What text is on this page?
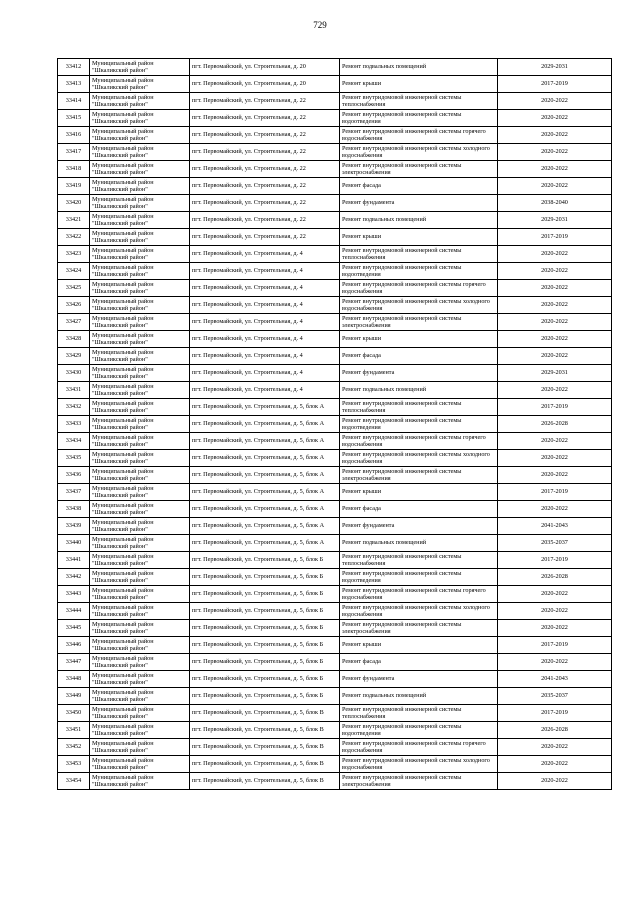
729
33412	Муниципальный район "Шкаликский район"	пгт. Первомайский, ул. Строительная, д. 20	Ремонт подвальных помещений	2029-2031
33413	Муниципальный район "Шкаликский район"	пгт. Первомайский, ул. Строительная, д. 20	Ремонт крыши	2017-2019
33414	Муниципальный район "Шкаликский район"	пгт. Первомайский, ул. Строительная, д. 22	Ремонт внутридомовой инженерной системы теплоснабжения	2020-2022
33415	Муниципальный район "Шкаликский район"	пгт. Первомайский, ул. Строительная, д. 22	Ремонт внутридомовой инженерной системы водоотведения	2020-2022
33416	Муниципальный район "Шкаликский район"	пгт. Первомайский, ул. Строительная, д. 22	Ремонт внутридомовой инженерной системы горячего водоснабжения	2020-2022
33417	Муниципальный район "Шкаликский район"	пгт. Первомайский, ул. Строительная, д. 22	Ремонт внутридомовой инженерной системы холодного водоснабжения	2020-2022
33418	Муниципальный район "Шкаликский район"	пгт. Первомайский, ул. Строительная, д. 22	Ремонт внутридомовой инженерной системы электроснабжения	2020-2022
33419	Муниципальный район "Шкаликский район"	пгт. Первомайский, ул. Строительная, д. 22	Ремонт фасада	2020-2022
33420	Муниципальный район "Шкаликский район"	пгт. Первомайский, ул. Строительная, д. 22	Ремонт фундамента	2038-2040
33421	Муниципальный район "Шкаликский район"	пгт. Первомайский, ул. Строительная, д. 22	Ремонт подвальных помещений	2029-2031
33422	Муниципальный район "Шкаликский район"	пгт. Первомайский, ул. Строительная, д. 22	Ремонт крыши	2017-2019
33423	Муниципальный район "Шкаликский район"	пгт. Первомайский, ул. Строительная, д. 4	Ремонт внутридомовой инженерной системы теплоснабжения	2020-2022
33424	Муниципальный район "Шкаликский район"	пгт. Первомайский, ул. Строительная, д. 4	Ремонт внутридомовой инженерной системы водоотведения	2020-2022
33425	Муниципальный район "Шкаликский район"	пгт. Первомайский, ул. Строительная, д. 4	Ремонт внутридомовой инженерной системы горячего водоснабжения	2020-2022
33426	Муниципальный район "Шкаликский район"	пгт. Первомайский, ул. Строительная, д. 4	Ремонт внутридомовой инженерной системы холодного водоснабжения	2020-2022
33427	Муниципальный район "Шкаликский район"	пгт. Первомайский, ул. Строительная, д. 4	Ремонт внутридомовой инженерной системы электроснабжения	2020-2022
33428	Муниципальный район "Шкаликский район"	пгт. Первомайский, ул. Строительная, д. 4	Ремонт крыши	2020-2022
33429	Муниципальный район "Шкаликский район"	пгт. Первомайский, ул. Строительная, д. 4	Ремонт фасада	2020-2022
33430	Муниципальный район "Шкаликский район"	пгт. Первомайский, ул. Строительная, д. 4	Ремонт фундамента	2029-2031
33431	Муниципальный район "Шкаликский район"	пгт. Первомайский, ул. Строительная, д. 4	Ремонт подвальных помещений	2020-2022
33432	Муниципальный район "Шкаликский район"	пгт. Первомайский, ул. Строительная, д. 5, блок А	Ремонт внутридомовой инженерной системы теплоснабжения	2017-2019
33433	Муниципальный район "Шкаликский район"	пгт. Первомайский, ул. Строительная, д. 5, блок А	Ремонт внутридомовой инженерной системы водоотведения	2026-2028
33434	Муниципальный район "Шкаликский район"	пгт. Первомайский, ул. Строительная, д. 5, блок А	Ремонт внутридомовой инженерной системы горячего водоснабжения	2020-2022
33435	Муниципальный район "Шкаликский район"	пгт. Первомайский, ул. Строительная, д. 5, блок А	Ремонт внутридомовой инженерной системы холодного водоснабжения	2020-2022
33436	Муниципальный район "Шкаликский район"	пгт. Первомайский, ул. Строительная, д. 5, блок А	Ремонт внутридомовой инженерной системы электроснабжения	2020-2022
33437	Муниципальный район "Шкаликский район"	пгт. Первомайский, ул. Строительная, д. 5, блок А	Ремонт крыши	2017-2019
33438	Муниципальный район "Шкаликский район"	пгт. Первомайский, ул. Строительная, д. 5, блок А	Ремонт фасада	2020-2022
33439	Муниципальный район "Шкаликский район"	пгт. Первомайский, ул. Строительная, д. 5, блок А	Ремонт фундамента	2041-2043
33440	Муниципальный район "Шкаликский район"	пгт. Первомайский, ул. Строительная, д. 5, блок А	Ремонт подвальных помещений	2035-2037
33441	Муниципальный район "Шкаликский район"	пгт. Первомайский, ул. Строительная, д. 5, блок Б	Ремонт внутридомовой инженерной системы теплоснабжения	2017-2019
33442	Муниципальный район "Шкаликский район"	пгт. Первомайский, ул. Строительная, д. 5, блок Б	Ремонт внутридомовой инженерной системы водоотведения	2026-2028
33443	Муниципальный район "Шкаликский район"	пгт. Первомайский, ул. Строительная, д. 5, блок Б	Ремонт внутридомовой инженерной системы горячего водоснабжения	2020-2022
33444	Муниципальный район "Шкаликский район"	пгт. Первомайский, ул. Строительная, д. 5, блок Б	Ремонт внутридомовой инженерной системы холодного водоснабжения	2020-2022
33445	Муниципальный район "Шкаликский район"	пгт. Первомайский, ул. Строительная, д. 5, блок Б	Ремонт внутридомовой инженерной системы электроснабжения	2020-2022
33446	Муниципальный район "Шкаликский район"	пгт. Первомайский, ул. Строительная, д. 5, блок Б	Ремонт крыши	2017-2019
33447	Муниципальный район "Шкаликский район"	пгт. Первомайский, ул. Строительная, д. 5, блок Б	Ремонт фасада	2020-2022
33448	Муниципальный район "Шкаликский район"	пгт. Первомайский, ул. Строительная, д. 5, блок Б	Ремонт фундамента	2041-2043
33449	Муниципальный район "Шкаликский район"	пгт. Первомайский, ул. Строительная, д. 5, блок Б	Ремонт подвальных помещений	2035-2037
33450	Муниципальный район "Шкаликский район"	пгт. Первомайский, ул. Строительная, д. 5, блок В	Ремонт внутридомовой инженерной системы теплоснабжения	2017-2019
33451	Муниципальный район "Шкаликский район"	пгт. Первомайский, ул. Строительная, д. 5, блок В	Ремонт внутридомовой инженерной системы водоотведения	2026-2028
33452	Муниципальный район "Шкаликский район"	пгт. Первомайский, ул. Строительная, д. 5, блок В	Ремонт внутридомовой инженерной системы горячего водоснабжения	2020-2022
33453	Муниципальный район "Шкаликский район"	пгт. Первомайский, ул. Строительная, д. 5, блок В	Ремонт внутридомовой инженерной системы холодного водоснабжения	2020-2022
33454	Муниципальный район "Шкаликский район"	пгт. Первомайский, ул. Строительная, д. 5, блок В	Ремонт внутридомовой инженерной системы электроснабжения	2020-2022
